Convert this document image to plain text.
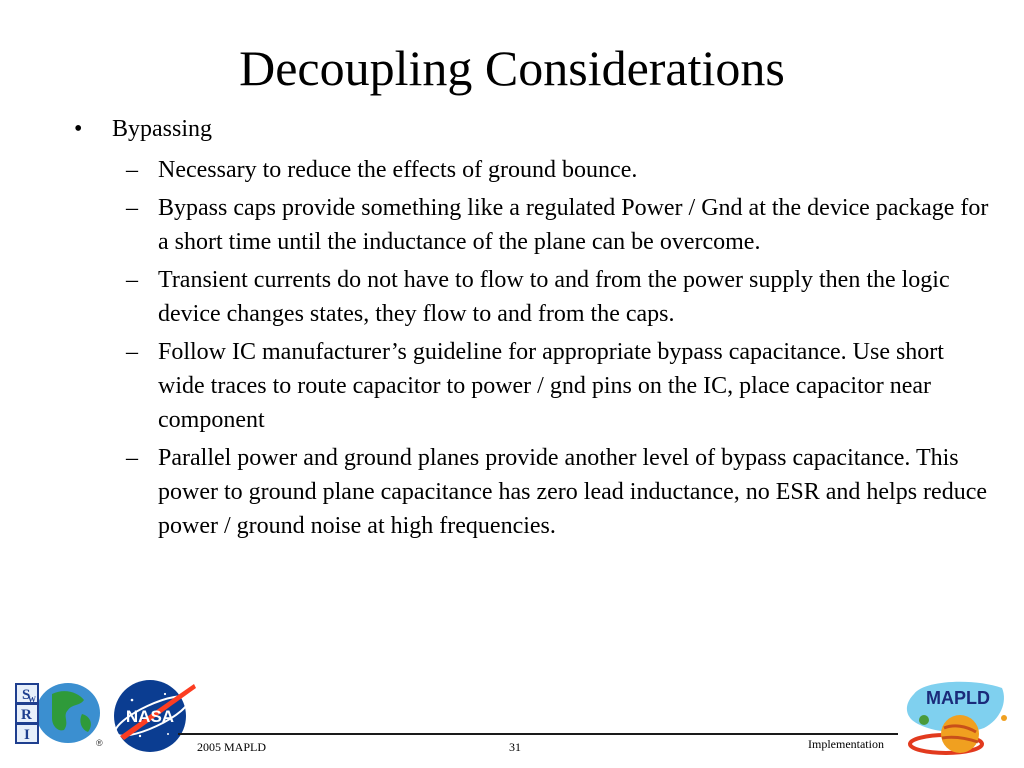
Decoupling Considerations
• Bypassing
– Necessary to reduce the effects of ground bounce.
– Bypass caps provide something like a regulated Power / Gnd at the device package for a short time until the inductance of the plane can be overcome.
– Transient currents do not have to flow to and from the power supply then the logic device changes states, they flow to and from the caps.
– Follow IC manufacturer’s guideline for appropriate bypass capacitance. Use short wide traces to route capacitor to power / gnd pins on the IC, place capacitor near component
– Parallel power and ground planes provide another level of bypass capacitance. This power to ground plane capacitance has zero lead inductance, no ESR and helps reduce power / ground noise at high frequencies.
S
W
R
I	®
NASA
MAPLD
2005 MAPLD	31	Implementation
